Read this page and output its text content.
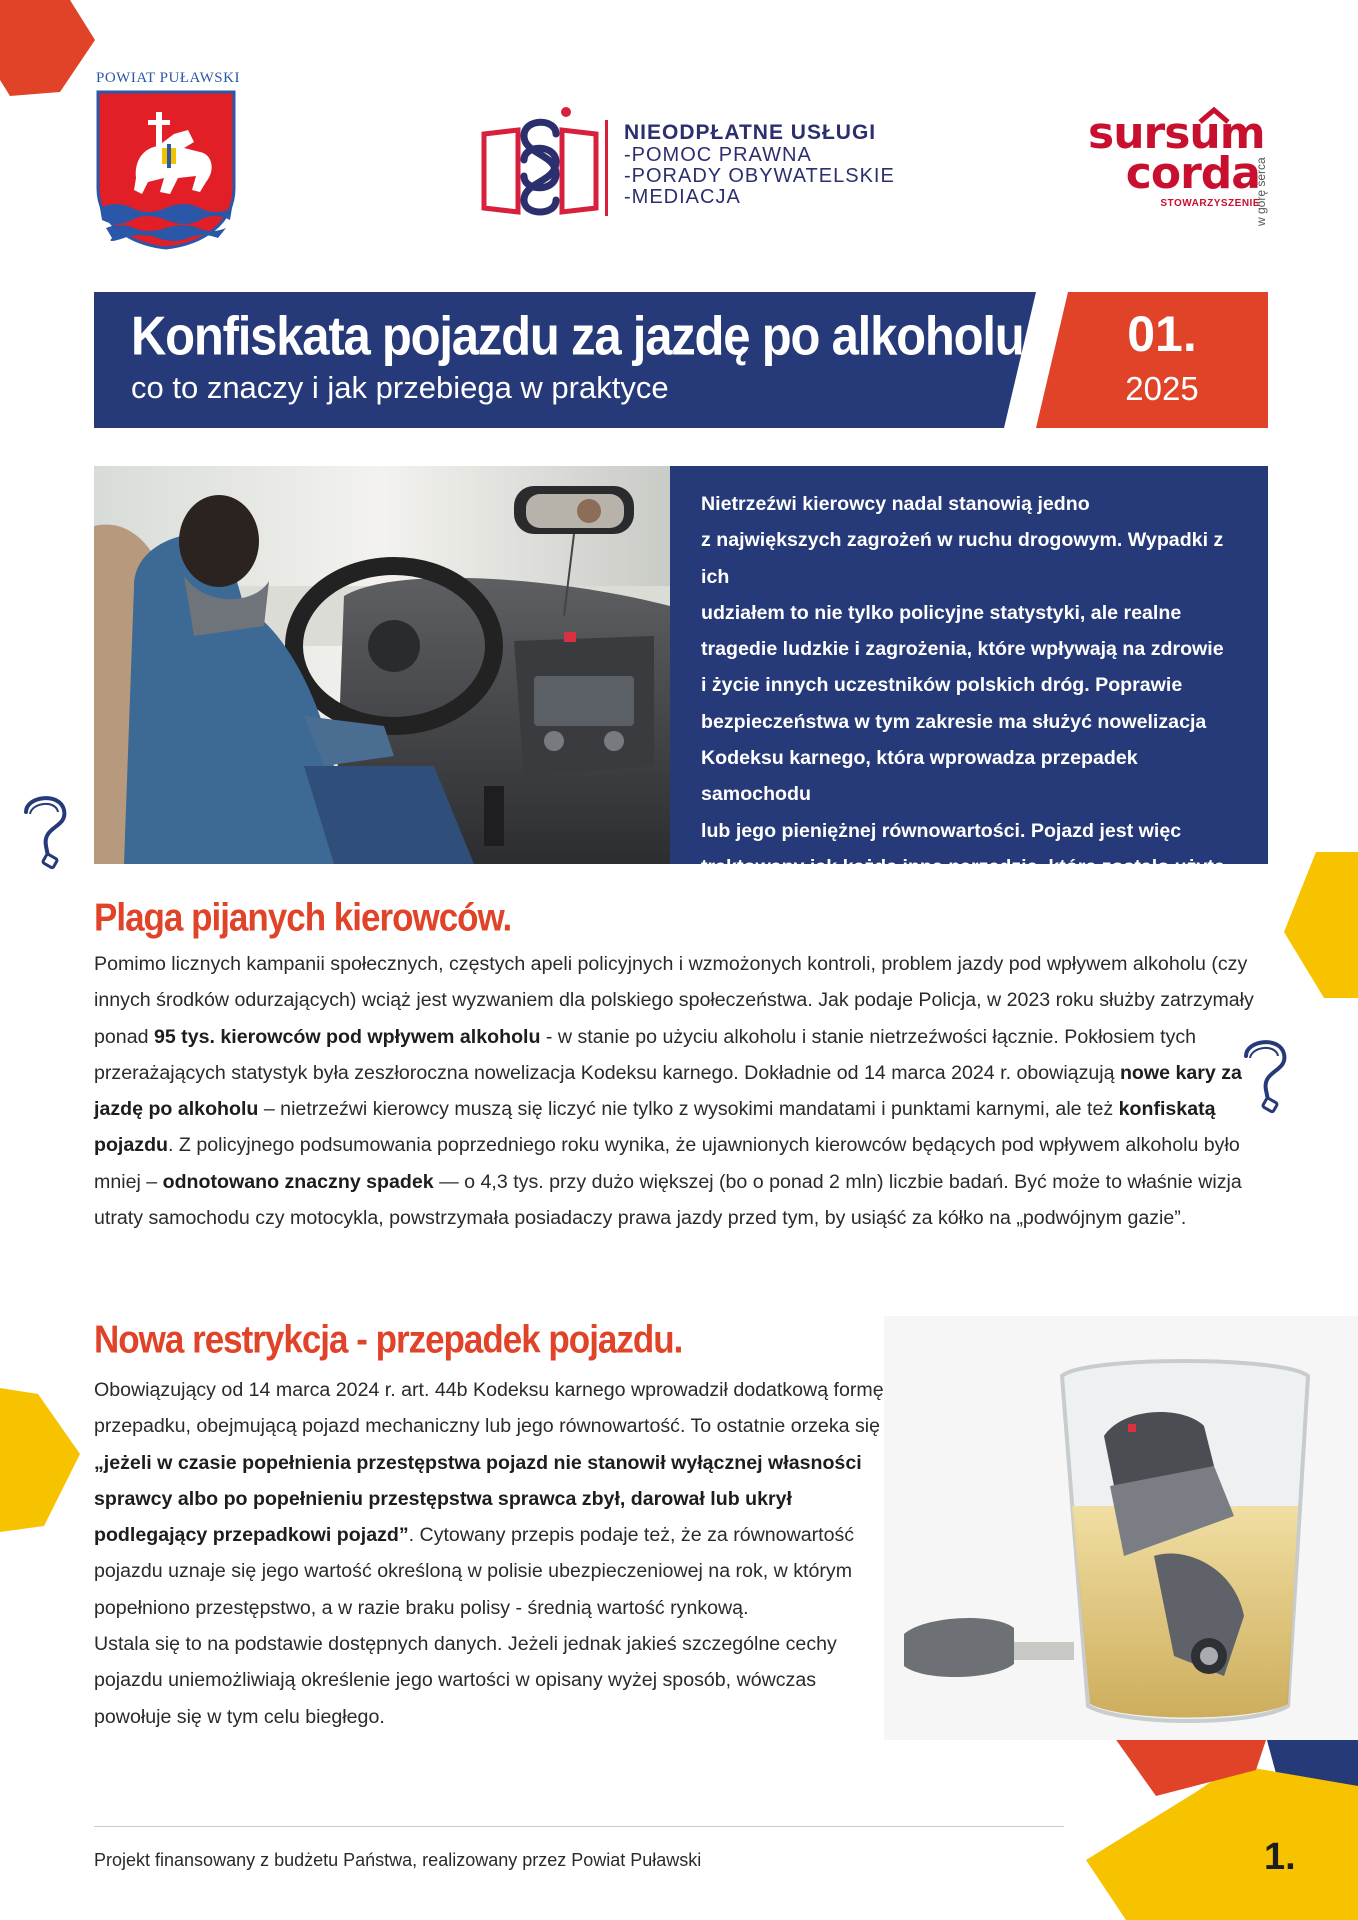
POWIAT PUŁAWSKI
NIEODPŁATNE USŁUGI
-POMOC PRAWNA
-PORADY OBYWATELSKIE
-MEDIACJA
sursum
corda
STOWARZYSZENIE
w górę serca
Konfiskata pojazdu za jazdę po alkoholu
co to znaczy i jak przebiega w praktyce
01.
2025
Nietrzeźwi kierowcy nadal stanowią jedno
z największych zagrożeń w ruchu drogowym. Wypadki z ich
udziałem to nie tylko policyjne statystyki, ale realne
tragedie ludzkie i zagrożenia, które wpływają na zdrowie
i życie innych uczestników polskich dróg. Poprawie
bezpieczeństwa w tym zakresie ma służyć nowelizacja
Kodeksu karnego, która wprowadza przepadek samochodu
lub jego pieniężnej równowartości. Pojazd jest więc
traktowany jak każde inne narzędzie, które zostało użyte do
popełnienia przestępstwa.
Plaga pijanych kierowców.
Pomimo licznych kampanii społecznych, częstych apeli policyjnych i wzmożonych kontroli, problem jazdy pod wpływem alkoholu (czy innych środków odurzających) wciąż jest wyzwaniem dla polskiego społeczeństwa. Jak podaje Policja, w 2023 roku służby zatrzymały ponad 95 tys. kierowców pod wpływem alkoholu - w stanie po użyciu alkoholu i stanie nietrzeźwości łącznie. Pokłosiem tych przerażających statystyk była zeszłoroczna nowelizacja Kodeksu karnego. Dokładnie od 14 marca 2024 r. obowiązują nowe kary za jazdę po alkoholu – nietrzeźwi kierowcy muszą się liczyć nie tylko z wysokimi mandatami i punktami karnymi, ale też konfiskatą pojazdu. Z policyjnego podsumowania poprzedniego roku wynika, że ujawnionych kierowców będących pod wpływem alkoholu było mniej – odnotowano znaczny spadek — o 4,3 tys. przy dużo większej (bo o ponad 2 mln) liczbie badań. Być może to właśnie wizja utraty samochodu czy motocykla, powstrzymała posiadaczy prawa jazdy przed tym, by usiąść za kółko na „podwójnym gazie”.
Nowa restrykcja - przepadek pojazdu.
Obowiązujący od 14 marca 2024 r. art. 44b Kodeksu karnego wprowadził dodatkową formę przepadku, obejmującą pojazd mechaniczny lub jego równowartość. To ostatnie orzeka się „jeżeli w czasie popełnienia przestępstwa pojazd nie stanowił wyłącznej własności sprawcy albo po popełnieniu przestępstwa sprawca zbył, darował lub ukrył podlegający przepadkowi pojazd”. Cytowany przepis podaje też, że za równowartość pojazdu uznaje się jego wartość określoną w polisie ubezpieczeniowej na rok, w którym popełniono przestępstwo, a w razie braku polisy - średnią wartość rynkową.
Ustala się to na podstawie dostępnych danych. Jeżeli jednak jakieś szczególne cechy pojazdu uniemożliwiają określenie jego wartości w opisany wyżej sposób, wówczas powołuje się w tym celu biegłego.
Projekt finansowany z budżetu Państwa, realizowany przez Powiat Puławski	1.
